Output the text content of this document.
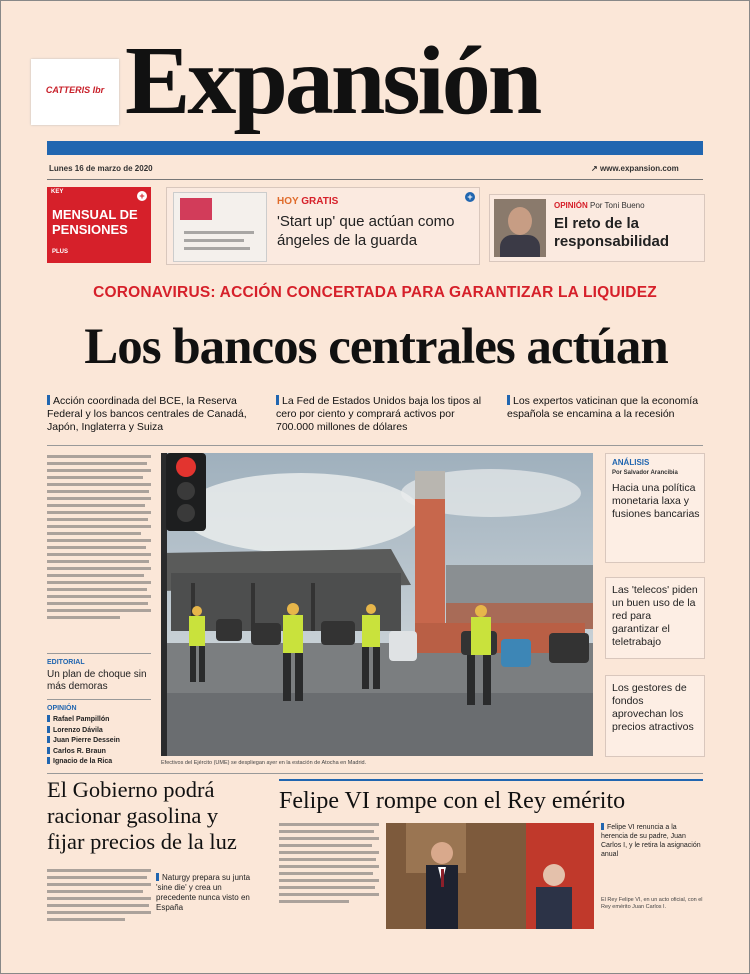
CATTERIS Ibr Expansión
Lunes 16 de marzo de 2020	↗ www.expansion.com
KEY
MENSUAL DE PENSIONES
PLUS
+	HOY GRATIS
'Start up' que actúan como ángeles de la guarda
+
OPINIÓN Por Toni Bueno
El reto de la responsabilidad
CORONAVIRUS: ACCIÓN CONCERTADA PARA GARANTIZAR LA LIQUIDEZ
Los bancos centrales actúan
Acción coordinada del BCE, la Reserva Federal y los bancos centrales de Canadá, Japón, Inglaterra y Suiza
La Fed de Estados Unidos baja los tipos al cero por ciento y comprará activos por 700.000 millones de dólares
Los expertos vaticinan que la economía española se encamina a la recesión
EDITORIAL
Un plan de choque sin más demoras
OPINIÓN
Rafael Pampillón
Lorenzo Dávila
Juan Pierre Dessein
Carlos R. Braun
Ignacio de la Rica	Efectivos del Ejército (UME) se despliegan ayer en la estación de Atocha en Madrid.
ANÁLISIS
Por Salvador Arancibia
Hacia una política monetaria laxa y fusiones bancarias
Las 'telecos' piden un buen uso de la red para garantizar el teletrabajo
Los gestores de fondos aprovechan los precios atractivos
El Gobierno podrá racionar gasolina y fijar precios de la luz
Naturgy prepara su junta 'sine die' y crea un precedente nunca visto en España
Felipe VI rompe con el Rey emérito
Felipe VI renuncia a la herencia de su padre, Juan Carlos I, y le retira la asignación anual
El Rey Felipe VI, en un acto oficial, con el Rey emérito Juan Carlos I.
